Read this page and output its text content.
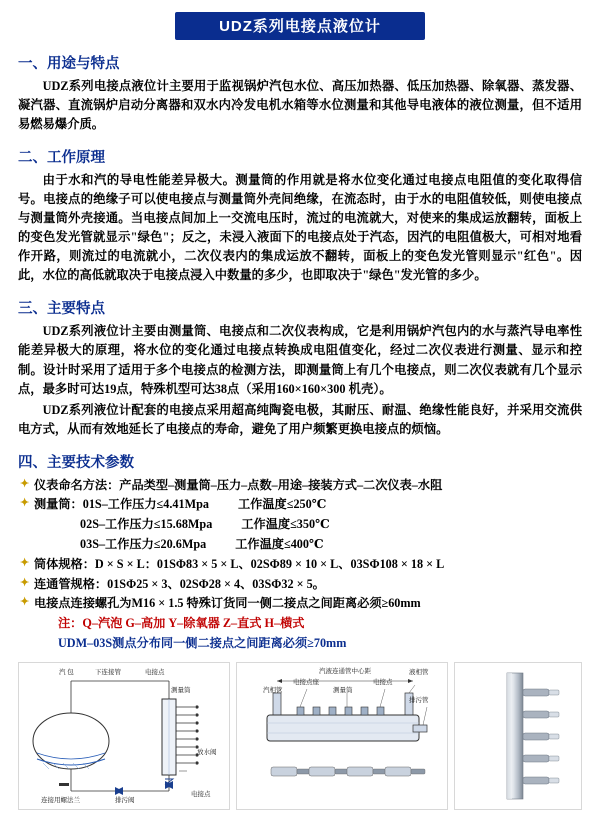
UDZ系列电接点液位计
一、用途与特点

UDZ系列电接点液位计主要用于监视锅炉汽包水位、高压加热器、低压加热器、除氧器、蒸发器、凝汽器、直流锅炉启动分离器和双水内冷发电机水箱等水位测量和其他导电液体的液位测量，但不适用易燃易爆介质。

二、工作原理

由于水和汽的导电性能差异极大。测量筒的作用就是将水位变化通过电接点电阻值的变化取得信号。电接点的绝缘子可以使电接点与测量筒外壳间绝缘，在流态时，由于水的电阻值较低，则使电接点与测量筒外壳接通。当电接点间加上一交流电压时，流过的电流就大，对使来的集成运放翻转，面板上的变色发光管就显示"绿色"；反之，未浸入液面下的电接点处于汽态，因汽的电阻值极大，可相对地看作开路，则流过的电流就小，二次仪表内的集成运放不翻转，面板上的变色发光管则显示"红色"。因此，水位的高低就取决于电接点浸入中数量的多少，也即取决于"绿色"发光管的多少。

三、主要特点

UDZ系列液位计主要由测量筒、电接点和二次仪表构成，它是利用锅炉汽包内的水与蒸汽导电率性能差异极大的原理，将水位的变化通过电接点转换成电阻值变化，经过二次仪表进行测量、显示和控制。设计时采用了适用于多个电接点的检测方法，即测量筒上有几个电接点，则二次仪表就有几个显示点，最多时可达19点，特殊机型可达38点（采用160×160×300 机壳）。

UDZ系列液位计配套的电接点采用超高纯陶瓷电极，其耐压、耐温、绝缘性能良好，并采用交流供电方式，从而有效地延长了电接点的寿命，避免了用户频繁更换电接点的烦恼。

四、主要技术参数
✦ 仪表命名方法：产品类型–测量筒–压力–点数–用途–接装方式–二次仪表–水阻
✦ 测量筒：01S–工作压力≤4.41Mpa 工作温度≤250℃
02S–工作压力≤15.68Mpa 工作温度≤350℃
03S–工作压力≤20.6Mpa 工作温度≤400℃
✦ 筒体规格：D × S × L：01SΦ83 × 5 × L、02SΦ89 × 10 × L、03SΦ108 × 18 × L
✦ 连通管规格：01SΦ25 × 3、02SΦ28 × 4、03SΦ32 × 5。
✦ 电接点连接螺孔为M16 × 1.5 特殊订货同一侧二接点之间距离必须≥60mm
注：Q–汽泡 G–高加 Y–除氧器 Z–直式 H–横式
UDM–03S测点分布同一侧二接点之间距离必须≥70mm
汽 包	下连接管	电接点
测量筒
放水阀
电接点
连接用螺法兰	排污阀
汽液连通管中心距
汽相管
电接点座
测量筒
电接点
液相管
排污管
